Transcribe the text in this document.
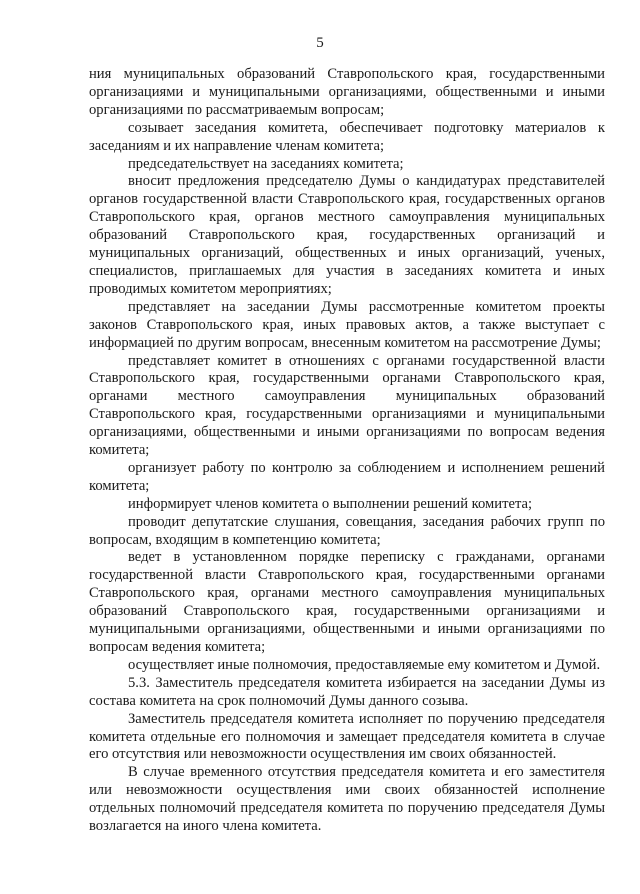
5

ния муниципальных образований Ставропольского края, государственными организациями и муниципальными организациями, общественными и иными организациями по рассматриваемым вопросам;

созывает заседания комитета, обеспечивает подготовку материалов к заседаниям и их направление членам комитета;

председательствует на заседаниях комитета;

вносит предложения председателю Думы о кандидатурах представителей органов государственной власти Ставропольского края, государственных органов Ставропольского края, органов местного самоуправления муниципальных образований Ставропольского края, государственных организаций и муниципальных организаций, общественных и иных организаций, ученых, специалистов, приглашаемых для участия в заседаниях комитета и иных проводимых комитетом мероприятиях;

представляет на заседании Думы рассмотренные комитетом проекты законов Ставропольского края, иных правовых актов, а также выступает с информацией по другим вопросам, внесенным комитетом на рассмотрение Думы;

представляет комитет в отношениях с органами государственной власти Ставропольского края, государственными органами Ставропольского края, органами местного самоуправления муниципальных образований Ставропольского края, государственными организациями и муниципальными организациями, общественными и иными организациями по вопросам ведения комитета;

организует работу по контролю за соблюдением и исполнением решений комитета;

информирует членов комитета о выполнении решений комитета;

проводит депутатские слушания, совещания, заседания рабочих групп по вопросам, входящим в компетенцию комитета;

ведет в установленном порядке переписку с гражданами, органами государственной власти Ставропольского края, государственными органами Ставропольского края, органами местного самоуправления муниципальных образований Ставропольского края, государственными организациями и муниципальными организациями, общественными и иными организациями по вопросам ведения комитета;

осуществляет иные полномочия, предоставляемые ему комитетом и Думой.

5.3. Заместитель председателя комитета избирается на заседании Думы из состава комитета на срок полномочий Думы данного созыва.

Заместитель председателя комитета исполняет по поручению председателя комитета отдельные его полномочия и замещает председателя комитета в случае его отсутствия или невозможности осуществления им своих обязанностей.

В случае временного отсутствия председателя комитета и его заместителя или невозможности осуществления ими своих обязанностей исполнение отдельных полномочий председателя комитета по поручению председателя Думы возлагается на иного члена комитета.
